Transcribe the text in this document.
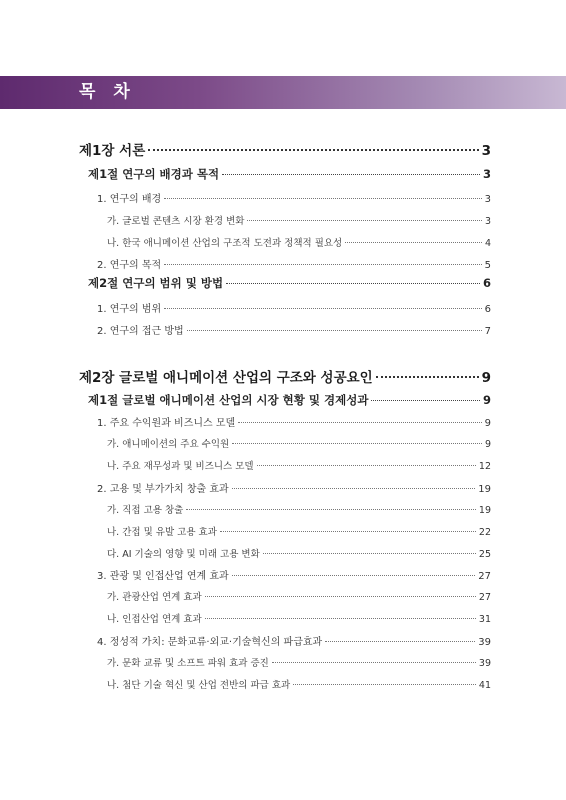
목 차
제1장 서론	3
제1절 연구의 배경과 목적	3
1. 연구의 배경	3
가. 글로벌 콘텐츠 시장 환경 변화	3
나. 한국 애니메이션 산업의 구조적 도전과 정책적 필요성	4
2. 연구의 목적	5
제2절 연구의 범위 및 방법	6
1. 연구의 범위	6
2. 연구의 접근 방법	7
제2장 글로벌 애니메이션 산업의 구조와 성공요인	9
제1절 글로벌 애니메이션 산업의 시장 현황 및 경제성과	9
1. 주요 수익원과 비즈니스 모델	9
가. 애니메이션의 주요 수익원	9
나. 주요 재무성과 및 비즈니스 모델	12
2. 고용 및 부가가치 창출 효과	19
가. 직접 고용 창출	19
나. 간접 및 유발 고용 효과	22
다. AI 기술의 영향 및 미래 고용 변화	25
3. 관광 및 인접산업 연계 효과	27
가. 관광산업 연계 효과	27
나. 인접산업 연계 효과	31
4. 정성적 가치: 문화교류·외교·기술혁신의 파급효과	39
가. 문화 교류 및 소프트 파워 효과 증진	39
나. 첨단 기술 혁신 및 산업 전반의 파급 효과	41
